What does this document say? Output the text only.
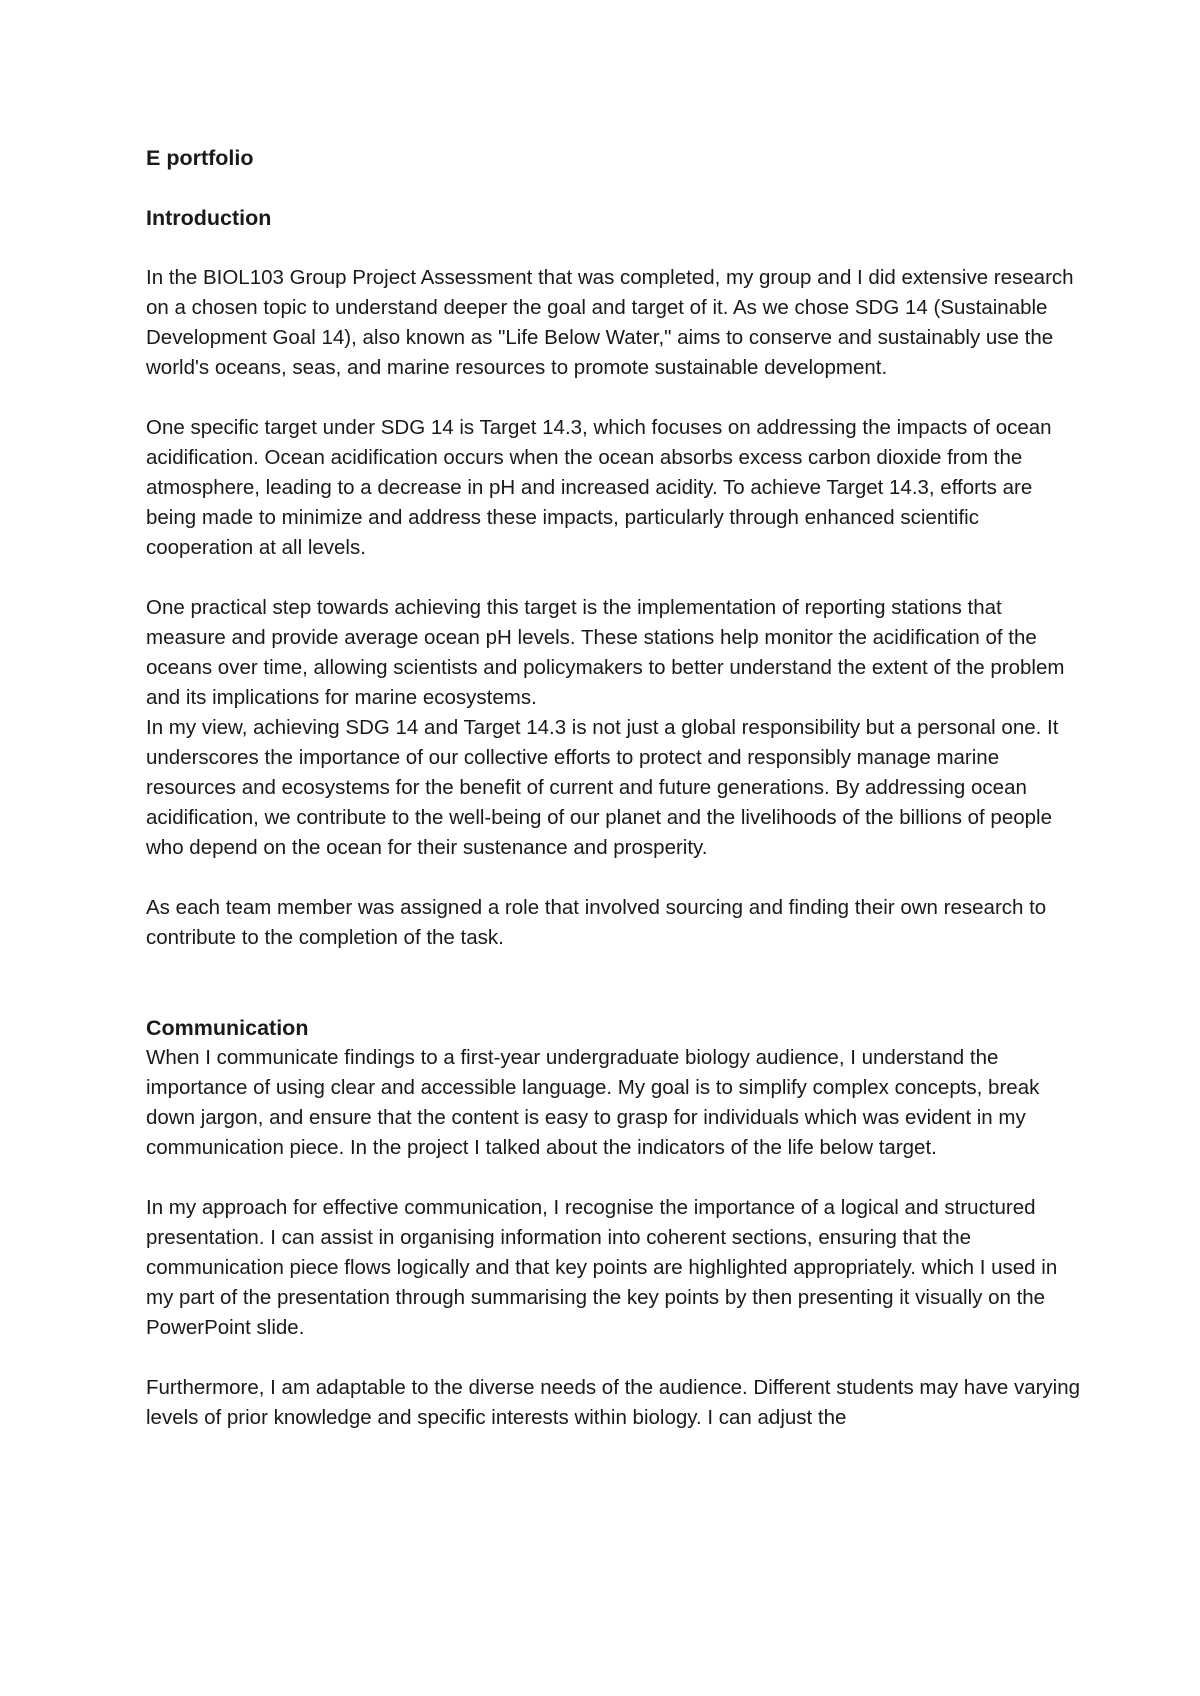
E portfolio
Introduction

In the BIOL103 Group Project Assessment that was completed, my group and I did extensive research on a chosen topic to understand deeper the goal and target of it. As we chose SDG 14 (Sustainable Development Goal 14), also known as "Life Below Water," aims to conserve and sustainably use the world's oceans, seas, and marine resources to promote sustainable development.

One specific target under SDG 14 is Target 14.3, which focuses on addressing the impacts of ocean acidification. Ocean acidification occurs when the ocean absorbs excess carbon dioxide from the atmosphere, leading to a decrease in pH and increased acidity. To achieve Target 14.3, efforts are being made to minimize and address these impacts, particularly through enhanced scientific cooperation at all levels.

One practical step towards achieving this target is the implementation of reporting stations that measure and provide average ocean pH levels. These stations help monitor the acidification of the oceans over time, allowing scientists and policymakers to better understand the extent of the problem and its implications for marine ecosystems.

In my view, achieving SDG 14 and Target 14.3 is not just a global responsibility but a personal one. It underscores the importance of our collective efforts to protect and responsibly manage marine resources and ecosystems for the benefit of current and future generations. By addressing ocean acidification, we contribute to the well-being of our planet and the livelihoods of the billions of people who depend on the ocean for their sustenance and prosperity.

As each team member was assigned a role that involved sourcing and finding their own research to contribute to the completion of the task.

Communication

When I communicate findings to a first-year undergraduate biology audience, I understand the importance of using clear and accessible language. My goal is to simplify complex concepts, break down jargon, and ensure that the content is easy to grasp for individuals which was evident in my communication piece. In the project I talked about the indicators of the life below target.

In my approach for effective communication, I recognise the importance of a logical and structured presentation. I can assist in organising information into coherent sections, ensuring that the communication piece flows logically and that key points are highlighted appropriately. which I used in my part of the presentation through summarising the key points by then presenting it visually on the PowerPoint slide.

Furthermore, I am adaptable to the diverse needs of the audience. Different students may have varying levels of prior knowledge and specific interests within biology. I can adjust the
